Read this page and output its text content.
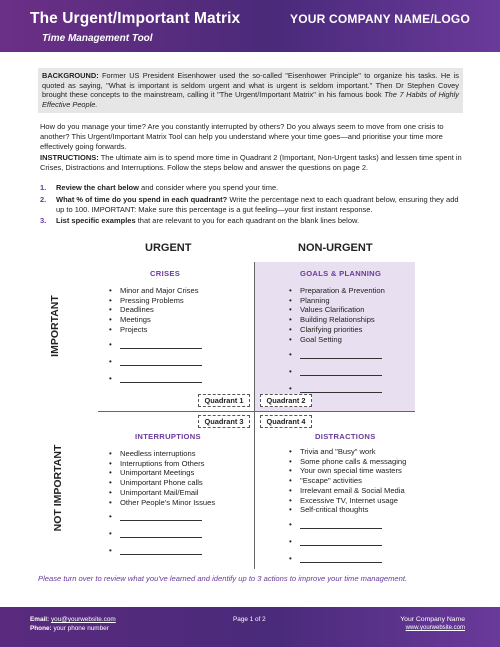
The Urgent/Important Matrix
Time Management Tool
YOUR COMPANY NAME/LOGO
BACKGROUND: Former US President Eisenhower used the so-called "Eisenhower Principle" to organize his tasks. He is quoted as saying, "What is important is seldom urgent and what is urgent is seldom important." Then Dr Stephen Covey brought these concepts to the mainstream, calling it "The Urgent/Important Matrix" in his famous book The 7 Habits of Highly Effective People.
How do you manage your time? Are you constantly interrupted by others? Do you always seem to move from one crisis to another? This Urgent/Important Matrix Tool can help you understand where your time goes—and prioritise your time more effectively going forwards.
INSTRUCTIONS: The ultimate aim is to spend more time in Quadrant 2 (Important, Non-Urgent tasks) and lessen time spent in Crises, Distractions and Interruptions. Follow the steps below and answer the questions on page 2.
1.	Review the chart below and consider where you spend your time.
2.	What % of time do you spend in each quadrant? Write the percentage next to each quadrant below, ensuring they add up to 100. IMPORTANT: Make sure this percentage is a gut feeling—your first instant response.
3.	List specific examples that are relevant to you for each quadrant on the blank lines below.
URGENT	NON-URGENT
IMPORTANT
NOT IMPORTANT
CRISES
• Minor and Major Crises
• Pressing Problems
• Deadlines
• Meetings
• Projects
•
•
•
GOALS & PLANNING
• Preparation & Prevention
• Planning
• Values Clarification
• Building Relationships
• Clarifying priorities
• Goal Setting
•
•
•
Quadrant 1	Quadrant 2
Quadrant 3	Quadrant 4
INTERRUPTIONS
• Needless interruptions
• Interruptions from Others
• Unimportant Meetings
• Unimportant Phone calls
• Unimportant Mail/Email
• Other People's Minor Issues
•
•
•
DISTRACTIONS
• Trivia and "Busy" work
• Some phone calls & messaging
• Your own special time wasters
• "Escape" activities
• Irrelevant email & Social Media
• Excessive TV, Internet usage
• Self-critical thoughts
•
•
•
Please turn over to review what you've learned and identify up to 3 actions to improve your time management.
Email: you@yourwebsite.com
Phone: your phone number
Page 1 of 2	Your Company Name
www.yourwebsite.com
